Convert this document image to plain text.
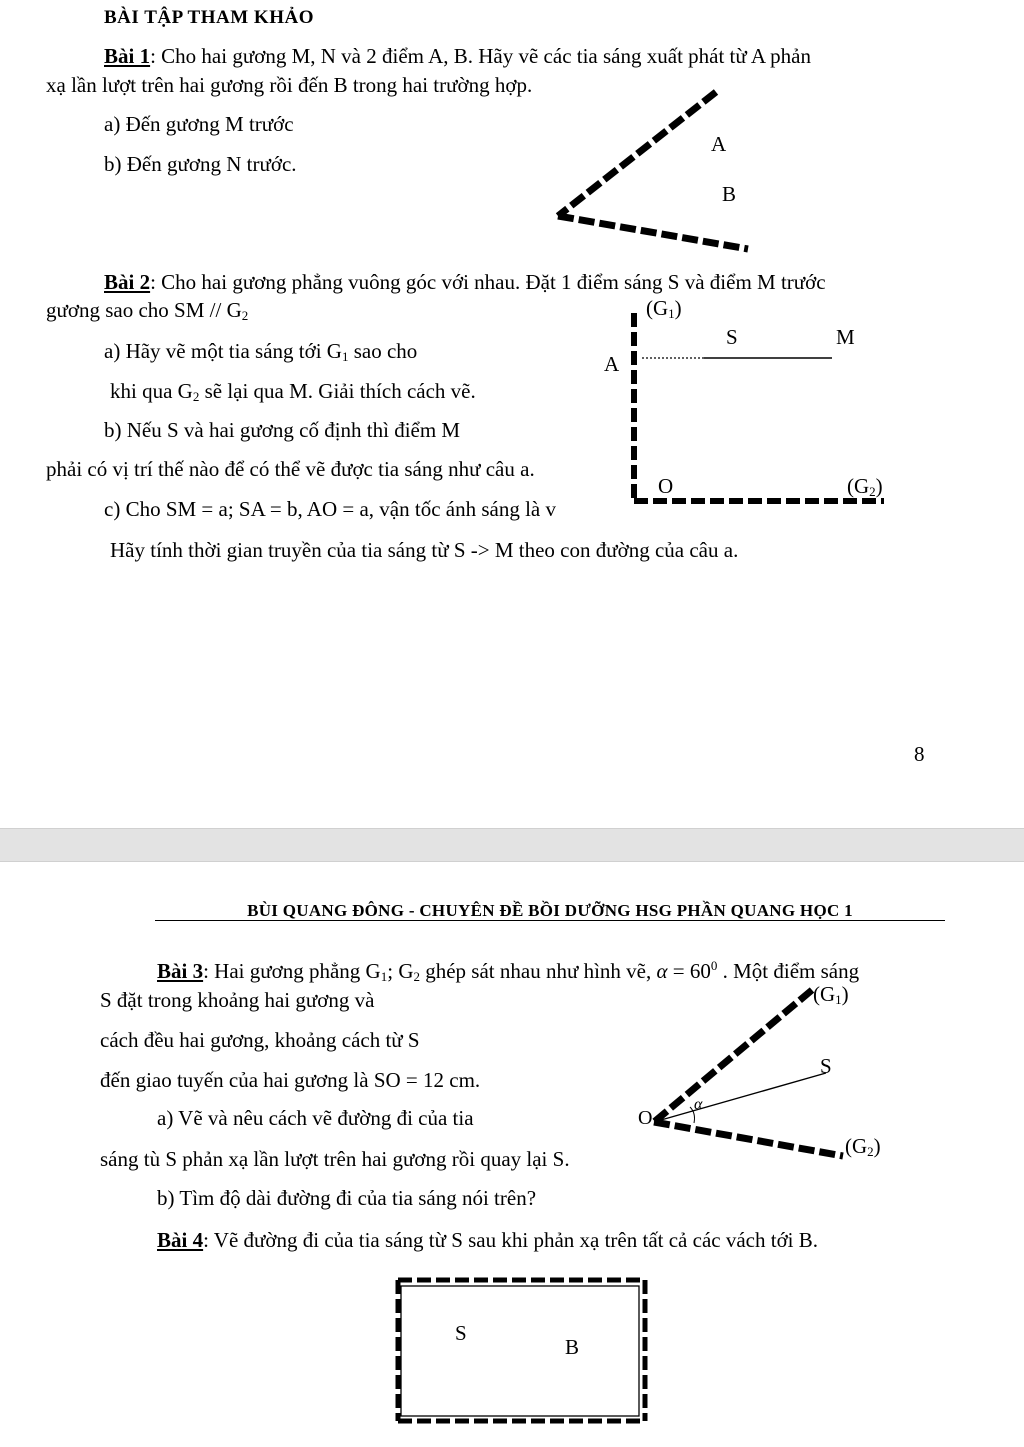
BÀI TẬP THAM KHẢO
Bài 1: Cho hai gương M, N và 2 điểm A, B. Hãy vẽ các tia sáng xuất phát từ A phản
xạ lần lượt trên hai gương rồi đến B trong hai trường hợp.
a) Đến gương M trước
b) Đến gương N trước.
A
B
Bài 2: Cho hai gương phẳng vuông góc với nhau. Đặt 1 điểm sáng S và điểm M trước
gương sao cho SM // $G_2$
a) Hãy vẽ một tia sáng tới $G_1$ sao cho
khi qua $G_2$ sẽ lại qua M. Giải thích cách vẽ.
b) Nếu S và hai gương cố định thì điểm M
phải có vị trí thế nào để có thể vẽ được tia sáng như câu a.
c) Cho SM = a; SA = b, AO = a, vận tốc ánh sáng là v
Hãy tính thời gian truyền của tia sáng từ S -> M theo con đường của câu a.
$(G_1)$
S	M
A
O	$(G_2)$
8
BÙI QUANG ĐÔNG - CHUYÊN ĐỀ BỒI DƯỠNG HSG PHẦN QUANG HỌC 1
Bài 3: Hai gương phẳng $G_1$; $G_2$ ghép sát nhau như hình vẽ, $\alpha = 60^0$ . Một điểm sáng
S đặt trong khoảng hai gương và
cách đều hai gương, khoảng cách từ S
đến giao tuyến của hai gương là SO = 12 cm.
a) Vẽ và nêu cách vẽ đường đi của tia
sáng tù S phản xạ lần lượt trên hai gương rồi quay lại S.
b) Tìm độ dài đường đi của tia sáng nói trên?
$(G_1)$
S
O
α
$(G_2)$
Bài 4: Vẽ đường đi của tia sáng từ S sau khi phản xạ trên tất cả các vách tới B.
S
B
